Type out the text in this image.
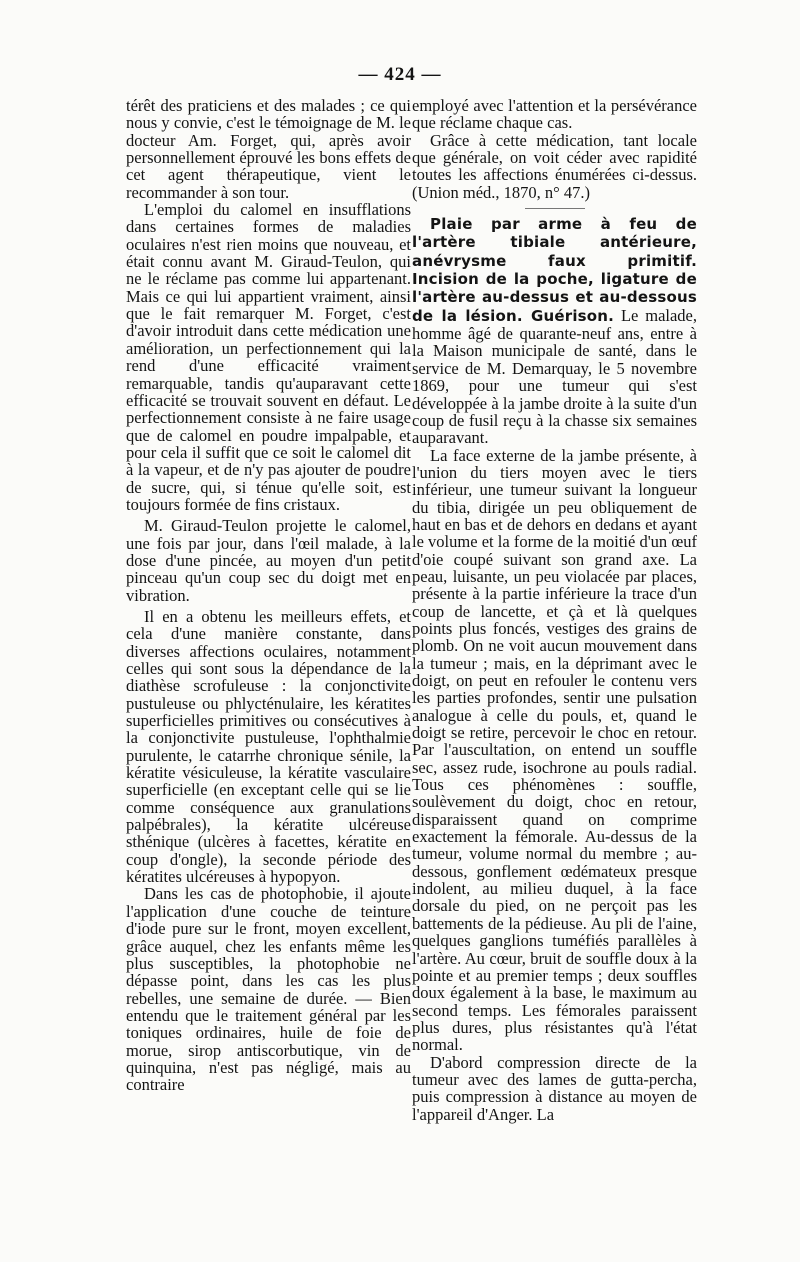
— 424 —

térêt des praticiens et des malades ; ce qui nous y convie, c'est le témoignage de M. le docteur Am. Forget, qui, après avoir personnellement éprouvé les bons effets de cet agent thérapeutique, vient le recommander à son tour.

L'emploi du calomel en insufflations dans certaines formes de maladies oculaires n'est rien moins que nouveau, et était connu avant M. Giraud-Teulon, qui ne le réclame pas comme lui appartenant. Mais ce qui lui appartient vraiment, ainsi que le fait remarquer M. Forget, c'est d'avoir introduit dans cette médication une amélioration, un perfectionnement qui la rend d'une efficacité vraiment remarquable, tandis qu'auparavant cette efficacité se trouvait souvent en défaut. Le perfectionnement consiste à ne faire usage que de calomel en poudre impalpable, et pour cela il suffit que ce soit le calomel dit à la vapeur, et de n'y pas ajouter de poudre de sucre, qui, si ténue qu'elle soit, est toujours formée de fins cristaux.

M. Giraud-Teulon projette le calomel, une fois par jour, dans l'œil malade, à la dose d'une pincée, au moyen d'un petit pinceau qu'un coup sec du doigt met en vibration.

Il en a obtenu les meilleurs effets, et cela d'une manière constante, dans diverses affections oculaires, notamment celles qui sont sous la dépendance de la diathèse scrofuleuse : la conjonctivite pustuleuse ou phlycténulaire, les kératites superficielles primitives ou consécutives à la conjonctivite pustuleuse, l'ophthalmie purulente, le catarrhe chronique sénile, la kératite vésiculeuse, la kératite vasculaire superficielle (en exceptant celle qui se lie comme conséquence aux granulations palpébrales), la kératite ulcéreuse sthénique (ulcères à facettes, kératite en coup d'ongle), la seconde période des kératites ulcéreuses à hypopyon.

Dans les cas de photophobie, il ajoute l'application d'une couche de teinture d'iode pure sur le front, moyen excellent, grâce auquel, chez les enfants même les plus susceptibles, la photophobie ne dépasse point, dans les cas les plus rebelles, une semaine de durée. — Bien entendu que le traitement général par les toniques ordinaires, huile de foie de morue, sirop antiscorbutique, vin de quinquina, n'est pas négligé, mais au contraire

employé avec l'attention et la persévérance que réclame chaque cas.

Grâce à cette médication, tant locale que générale, on voit céder avec rapidité toutes les affections énumérées ci-dessus. (Union méd., 1870, n° 47.)

Plaie par arme à feu de l'artère tibiale antérieure, anévrysme faux primitif. Incision de la poche, ligature de l'artère au-dessus et au-dessous de la lésion. Guérison. Le malade, homme âgé de quarante-neuf ans, entre à la Maison municipale de santé, dans le service de M. Demarquay, le 5 novembre 1869, pour une tumeur qui s'est développée à la jambe droite à la suite d'un coup de fusil reçu à la chasse six semaines auparavant.

La face externe de la jambe présente, à l'union du tiers moyen avec le tiers inférieur, une tumeur suivant la longueur du tibia, dirigée un peu obliquement de haut en bas et de dehors en dedans et ayant le volume et la forme de la moitié d'un œuf d'oie coupé suivant son grand axe. La peau, luisante, un peu violacée par places, présente à la partie inférieure la trace d'un coup de lancette, et çà et là quelques points plus foncés, vestiges des grains de plomb. On ne voit aucun mouvement dans la tumeur ; mais, en la déprimant avec le doigt, on peut en refouler le contenu vers les parties profondes, sentir une pulsation analogue à celle du pouls, et, quand le doigt se retire, percevoir le choc en retour. Par l'auscultation, on entend un souffle sec, assez rude, isochrone au pouls radial. Tous ces phénomènes : souffle, soulèvement du doigt, choc en retour, disparaissent quand on comprime exactement la fémorale. Au-dessus de la tumeur, volume normal du membre ; au-dessous, gonflement œdémateux presque indolent, au milieu duquel, à la face dorsale du pied, on ne perçoit pas les battements de la pédieuse. Au pli de l'aine, quelques ganglions tuméfiés parallèles à l'artère. Au cœur, bruit de souffle doux à la pointe et au premier temps ; deux souffles doux également à la base, le maximum au second temps. Les fémorales paraissent plus dures, plus résistantes qu'à l'état normal.

D'abord compression directe de la tumeur avec des lames de gutta-percha, puis compression à distance au moyen de l'appareil d'Anger. La
